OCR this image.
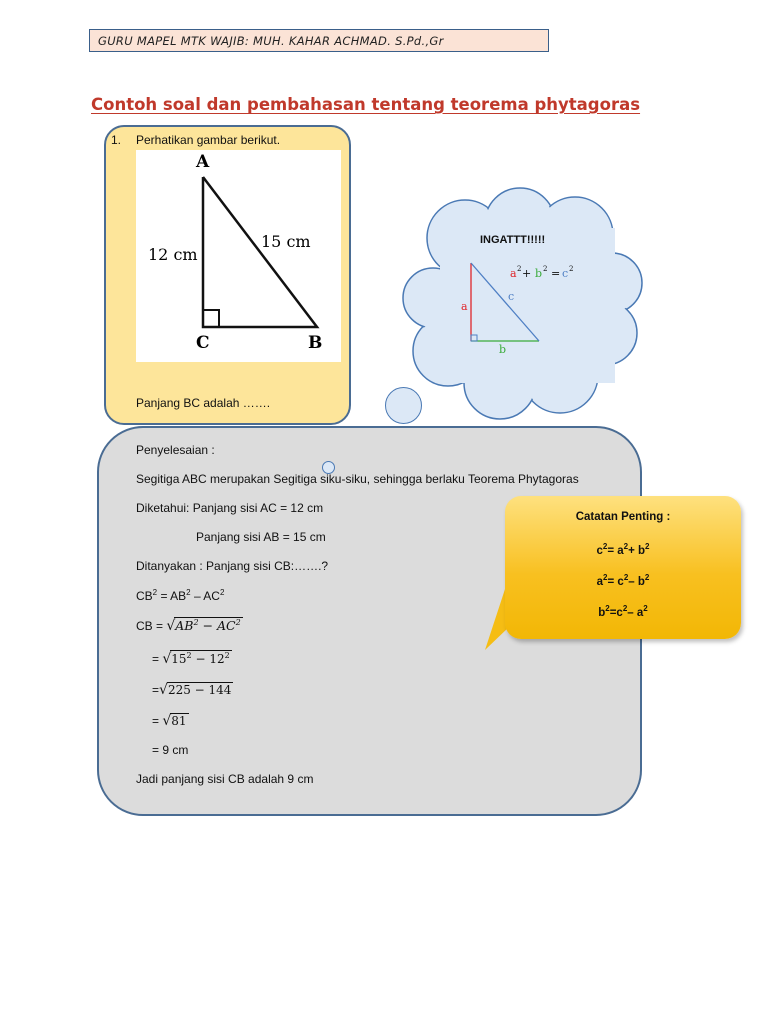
GURU MAPEL MTK WAJIB: MUH. KAHAR ACHMAD. S.Pd.,Gr
Contoh soal dan pembahasan tentang teorema phytagoras
1. Perhatikan gambar berikut.
A
C	B
12 cm
15 cm
Panjang BC adalah …….
INGATTT!!!!!
a
b
c
a 2 + b 2 = c 2
Penyelesaian :
Segitiga ABC merupakan Segitiga siku-siku, sehingga berlaku Teorema Phytagoras
Diketahui: Panjang sisi AC = 12 cm
Panjang sisi AB = 15 cm
Ditanyakan : Panjang sisi CB:…….?
$CB^2 = AB^2 - AC^2$
CB = $√AB^2 - AC^2$
= $√15^2 - 12^2$
=√225 − 144
= √81
= 9 cm
Jadi panjang sisi CB adalah 9 cm
Catatan Penting :
$c^2= a^2+ b^2$
$a^2= c^2-$ $b^2$
$b^2=c^2-$ $a^2$
